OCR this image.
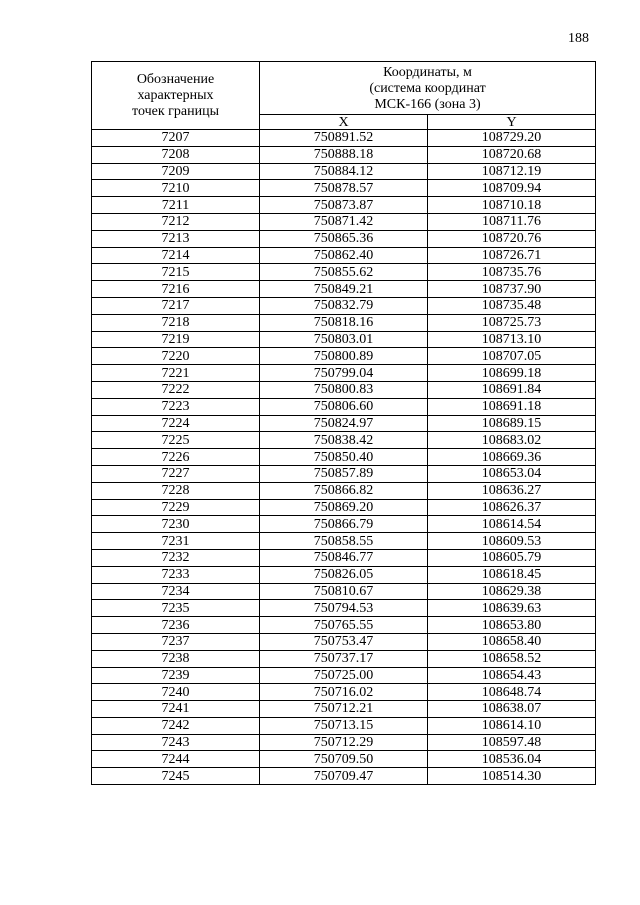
188
Обозначение
характерных
точек границы	Координаты, м
(система координат
МСК-166 (зона 3)	
	X	Y
7207	750891.52	108729.20
7208	750888.18	108720.68
7209	750884.12	108712.19
7210	750878.57	108709.94
7211	750873.87	108710.18
7212	750871.42	108711.76
7213	750865.36	108720.76
7214	750862.40	108726.71
7215	750855.62	108735.76
7216	750849.21	108737.90
7217	750832.79	108735.48
7218	750818.16	108725.73
7219	750803.01	108713.10
7220	750800.89	108707.05
7221	750799.04	108699.18
7222	750800.83	108691.84
7223	750806.60	108691.18
7224	750824.97	108689.15
7225	750838.42	108683.02
7226	750850.40	108669.36
7227	750857.89	108653.04
7228	750866.82	108636.27
7229	750869.20	108626.37
7230	750866.79	108614.54
7231	750858.55	108609.53
7232	750846.77	108605.79
7233	750826.05	108618.45
7234	750810.67	108629.38
7235	750794.53	108639.63
7236	750765.55	108653.80
7237	750753.47	108658.40
7238	750737.17	108658.52
7239	750725.00	108654.43
7240	750716.02	108648.74
7241	750712.21	108638.07
7242	750713.15	108614.10
7243	750712.29	108597.48
7244	750709.50	108536.04
7245	750709.47	108514.30
